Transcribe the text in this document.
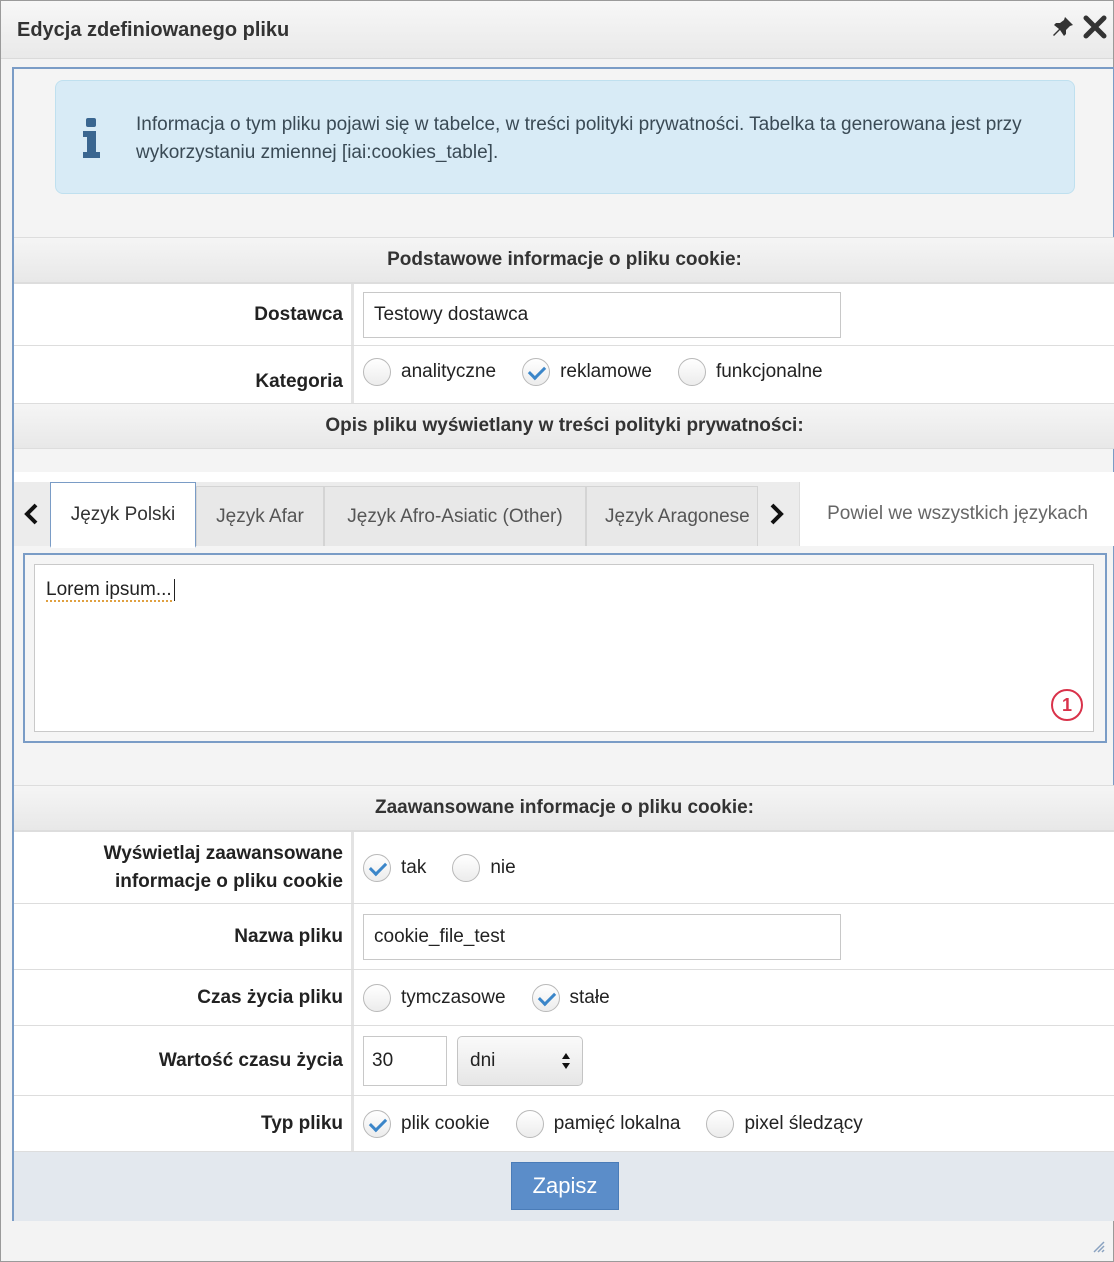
Edycja zdefiniowanego pliku
Informacja o tym pliku pojawi się w tabelce, w treści polityki prywatności. Tabelka ta generowana jest przy wykorzystaniu zmiennej [iai:cookies_table].
Podstawowe informacje o pliku cookie:
Dostawca	Testowy dostawca
Kategoria	analityczne	reklamowe	funkcjonalne
Opis pliku wyświetlany w treści polityki prywatności:
Język Polski	Język Afar	Język Afro-Asiatic (Other)	Język Aragonese	Powiel we wszystkich językach
Lorem ipsum...
1
Zaawansowane informacje o pliku cookie:
Wyświetlaj zaawansowane informacje o pliku cookie
tak	nie
Nazwa pliku	cookie_file_test
Czas życia pliku	tymczasowe	stałe
Wartość czasu życia	30	dni
Typ pliku	plik cookie	pamięć lokalna	pixel śledzący
Zapisz
